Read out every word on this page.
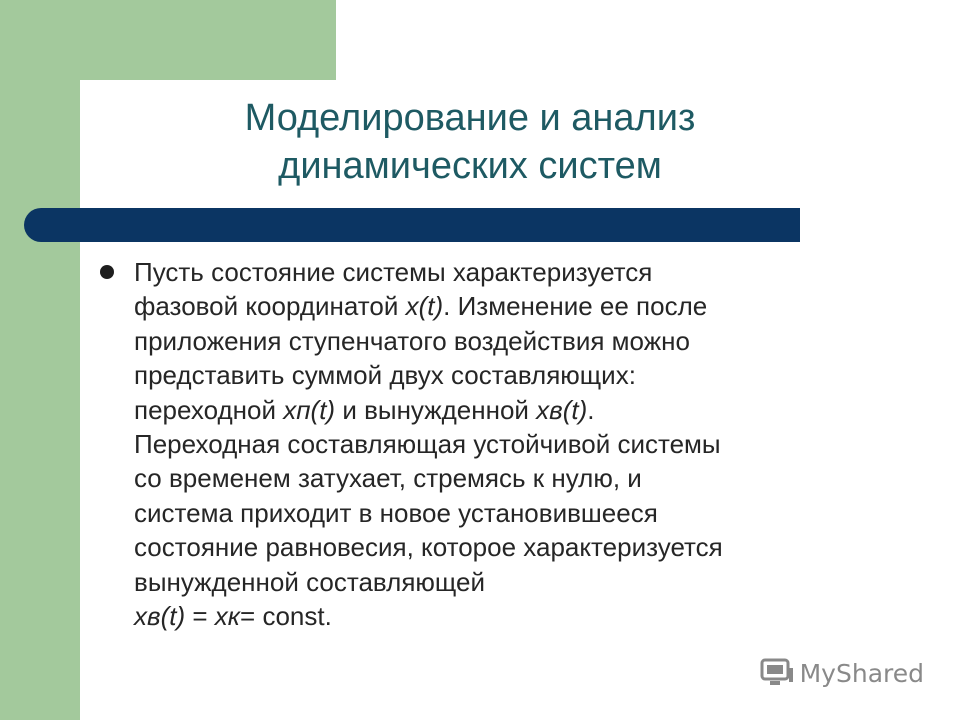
Моделирование и анализ
динамических систем
Пусть состояние системы характеризуется
фазовой координатой x(t). Изменение ее после
приложения ступенчатого воздействия можно
представить суммой двух составляющих:
переходной xп(t) и вынужденной xв(t).
Переходная составляющая устойчивой системы
со временем затухает, стремясь к нулю, и
система приходит в новое установившееся
состояние равновесия, которое характеризуется
вынужденной составляющей
xв(t) = xк= const.
MyShared
